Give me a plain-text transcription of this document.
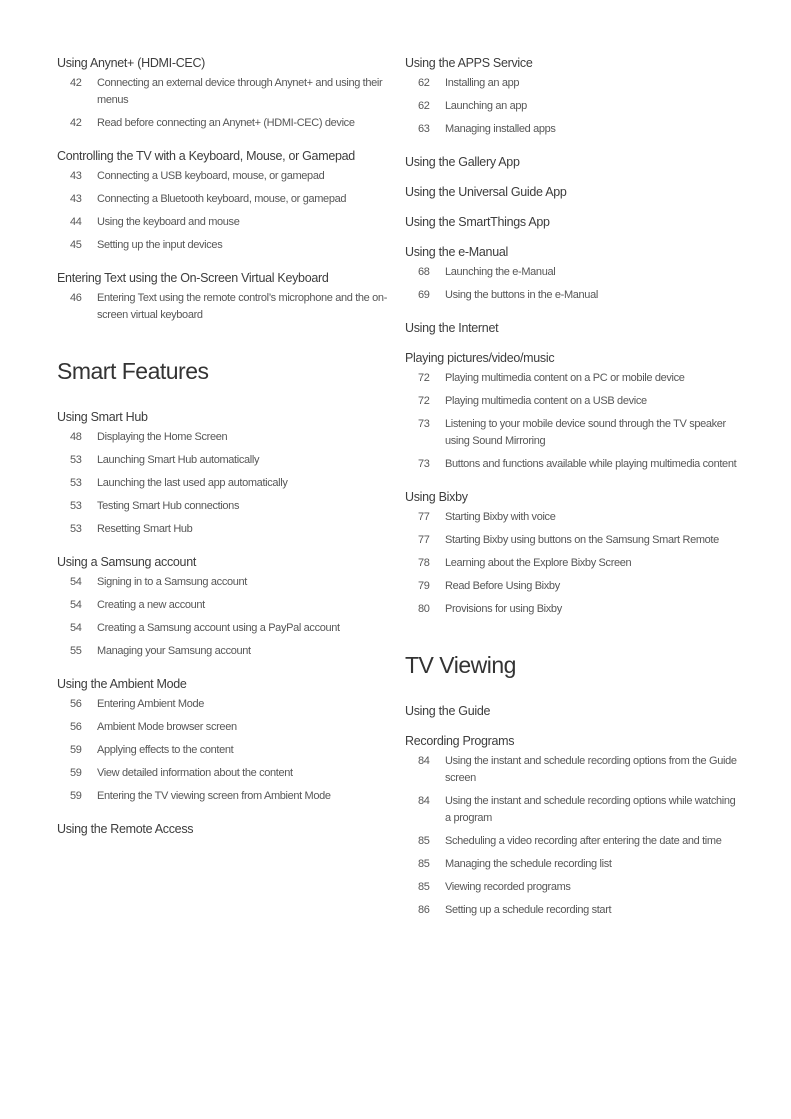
Using Anynet+ (HDMI-CEC)
42	Connecting an external device through Anynet+ and using their menus
42	Read before connecting an Anynet+ (HDMI-CEC) device
Controlling the TV with a Keyboard, Mouse, or Gamepad
43	Connecting a USB keyboard, mouse, or gamepad
43	Connecting a Bluetooth keyboard, mouse, or gamepad
44	Using the keyboard and mouse
45	Setting up the input devices
Entering Text using the On-Screen Virtual Keyboard
46	Entering Text using the remote control’s microphone and the on-screen virtual keyboard
Smart Features
Using Smart Hub
48	Displaying the Home Screen
53	Launching Smart Hub automatically
53	Launching the last used app automatically
53	Testing Smart Hub connections
53	Resetting Smart Hub
Using a Samsung account
54	Signing in to a Samsung account
54	Creating a new account
54	Creating a Samsung account using a PayPal account
55	Managing your Samsung account
Using the Ambient Mode
56	Entering Ambient Mode
56	Ambient Mode browser screen
59	Applying effects to the content
59	View detailed information about the content
59	Entering the TV viewing screen from Ambient Mode
Using the Remote Access
Using the APPS Service
62	Installing an app
62	Launching an app
63	Managing installed apps
Using the Gallery App
Using the Universal Guide App
Using the SmartThings App
Using the e-Manual
68	Launching the e-Manual
69	Using the buttons in the e-Manual
Using the Internet
Playing pictures/video/music
72	Playing multimedia content on a PC or mobile device
72	Playing multimedia content on a USB device
73	Listening to your mobile device sound through the TV speaker using Sound Mirroring
73	Buttons and functions available while playing multimedia content
Using Bixby
77	Starting Bixby with voice
77	Starting Bixby using buttons on the Samsung Smart Remote
78	Learning about the Explore Bixby Screen
79	Read Before Using Bixby
80	Provisions for using Bixby
TV Viewing
Using the Guide
Recording Programs
84	Using the instant and schedule recording options from the Guide screen
84	Using the instant and schedule recording options while watching a program
85	Scheduling a video recording after entering the date and time
85	Managing the schedule recording list
85	Viewing recorded programs
86	Setting up a schedule recording start
